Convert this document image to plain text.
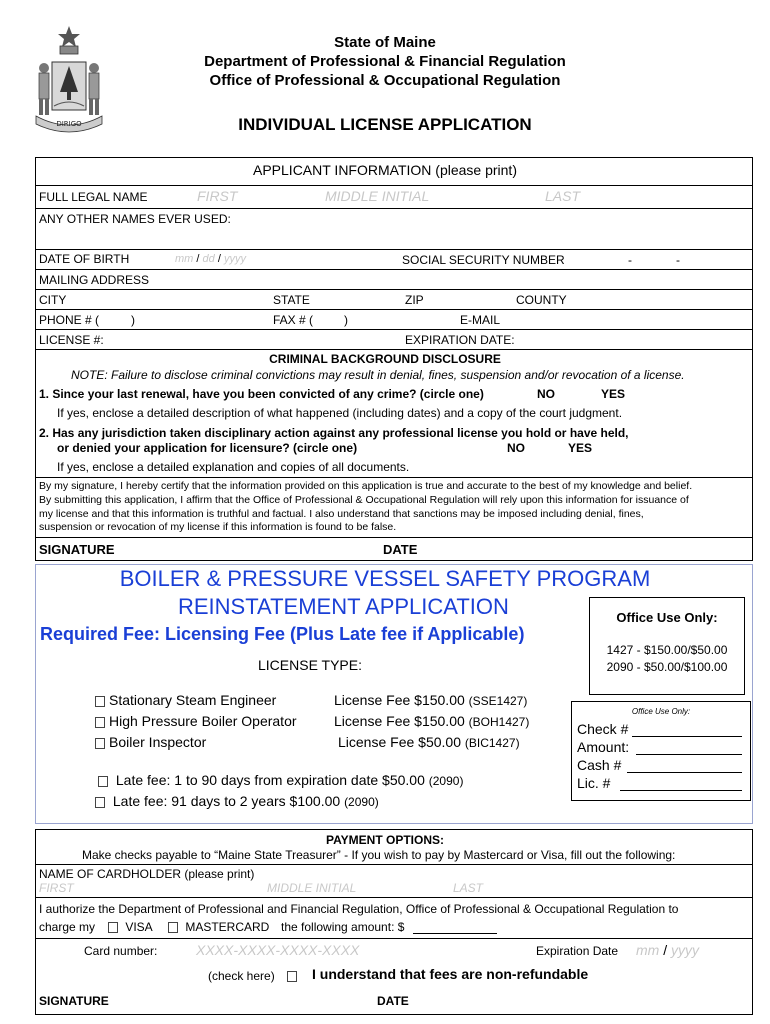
DIRIGO
State of Maine
Department of Professional & Financial Regulation
Office of Professional & Occupational Regulation
INDIVIDUAL LICENSE APPLICATION
APPLICANT INFORMATION (please print)
FULL LEGAL NAME	FIRST	MIDDLE INITIAL	LAST
ANY OTHER NAMES EVER USED:
DATE OF BIRTH	mm / dd / yyyy	SOCIAL SECURITY NUMBER	-	-
MAILING ADDRESS
CITY	STATE	ZIP	COUNTY
PHONE # (	)	FAX # (	)	E-MAIL
LICENSE #:	EXPIRATION DATE:
CRIMINAL BACKGROUND DISCLOSURE
NOTE: Failure to disclose criminal convictions may result in denial, fines, suspension and/or revocation of a license.
1. Since your last renewal, have you been convicted of any crime? (circle one)	NO	YES
If yes, enclose a detailed description of what happened (including dates) and a copy of the court judgment.
2. Has any jurisdiction taken disciplinary action against any professional license you hold or have held,
or denied your application for licensure? (circle one)	NO	YES
If yes, enclose a detailed explanation and copies of all documents.
By my signature, I hereby certify that the information provided on this application is true and accurate to the best of my knowledge and belief.
By submitting this application, I affirm that the Office of Professional & Occupational Regulation will rely upon this information for issuance of
my license and that this information is truthful and factual. I also understand that sanctions may be imposed including denial, fines,
suspension or revocation of my license if this information is found to be false.
SIGNATURE	DATE
BOILER & PRESSURE VESSEL SAFETY PROGRAM
REINSTATEMENT APPLICATION
Required Fee: Licensing Fee (Plus Late fee if Applicable)
Office Use Only:
1427 - $150.00/$50.00
2090 - $50.00/$100.00
LICENSE TYPE:
Stationary Steam Engineer	License Fee $150.00 (SSE1427)
High Pressure Boiler Operator	License Fee $150.00 (BOH1427)
Boiler Inspector	License Fee $50.00 (BIC1427)
Late fee: 1 to 90 days from expiration date $50.00 (2090)
Late fee: 91 days to 2 years $100.00 (2090)
Office Use Only:
Check #
Amount:
Cash #
Lic. #
PAYMENT OPTIONS:
Make checks payable to “Maine State Treasurer” - If you wish to pay by Mastercard or Visa, fill out the following:
NAME OF CARDHOLDER (please print)
FIRST	MIDDLE INITIAL	LAST
I authorize the Department of Professional and Financial Regulation, Office of Professional & Occupational Regulation to
charge my	VISA	MASTERCARD the following amount: $
Card number:	XXXX-XXXX-XXXX-XXXX	Expiration Date mm / yyyy
(check here)	I understand that fees are non-refundable
SIGNATURE	DATE
